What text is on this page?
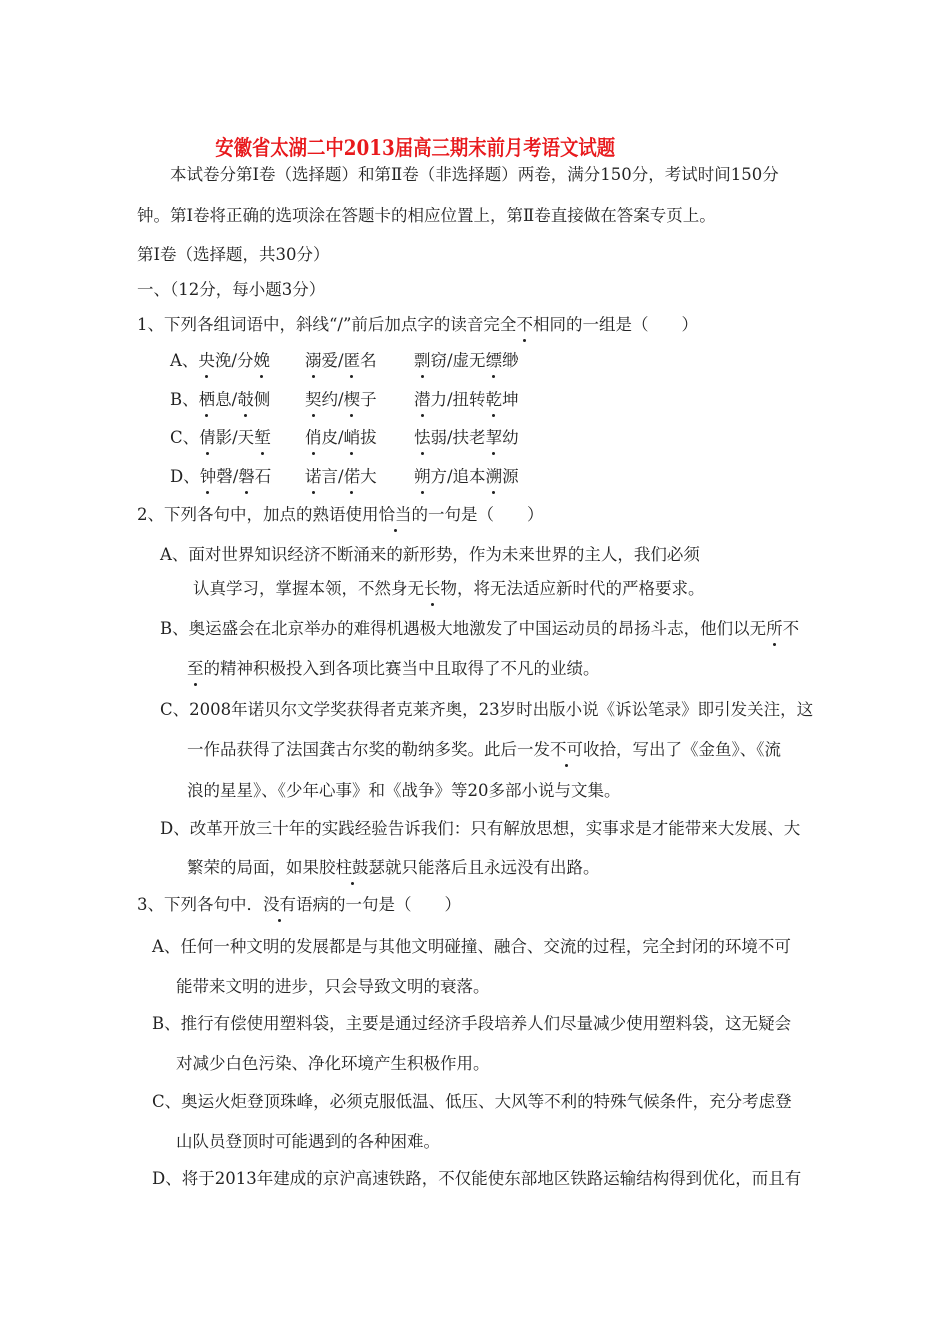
安徽省太湖二中2013届高三期末前月考语文试题
本试卷分第Ⅰ卷（选择题）和第Ⅱ卷（非选择题）两卷，满分150分，考试时间150分
钟。第Ⅰ卷将正确的选项涂在答题卡的相应位置上，第Ⅱ卷直接做在答案专页上。
第Ⅰ卷（选择题，共30分）
一、（12分，每小题3分）
1、下列各组词语中，斜线“/”前后加点字的读音完全不相同的一组是（　　）
A、央浼/分娩 溺爱/匿名 剽窃/虚无缥缈
B、栖息/攲侧 契约/楔子 潜力/扭转乾坤
C、倩影/天堑 俏皮/峭拔 怯弱/扶老挈幼
D、钟磬/磐石 诺言/偌大 朔方/追本溯源
2、下列各句中，加点的熟语使用恰当的一句是（　　）
A、面对世界知识经济不断涌来的新形势，作为未来世界的主人，我们必须
认真学习，掌握本领，不然身无长物，将无法适应新时代的严格要求。
B、奥运盛会在北京举办的难得机遇极大地激发了中国运动员的昂扬斗志，他们以无所不
至的精神积极投入到各项比赛当中且取得了不凡的业绩。
C、2008年诺贝尔文学奖获得者克莱齐奥，23岁时出版小说《诉讼笔录》即引发关注，这
一作品获得了法国龚古尔奖的勒纳多奖。此后一发不可收拾，写出了《金鱼》、《流
浪的星星》、《少年心事》和《战争》等20多部小说与文集。
D、改革开放三十年的实践经验告诉我们：只有解放思想，实事求是才能带来大发展、大
繁荣的局面，如果胶柱鼓瑟就只能落后且永远没有出路。
3、下列各句中．没有语病的一句是（　　）
A、任何一种文明的发展都是与其他文明碰撞、融合、交流的过程，完全封闭的环境不可
能带来文明的进步，只会导致文明的衰落。
B、推行有偿使用塑料袋，主要是通过经济手段培养人们尽量减少使用塑料袋，这无疑会
对减少白色污染、净化环境产生积极作用。
C、奥运火炬登顶珠峰，必须克服低温、低压、大风等不利的特殊气候条件，充分考虑登
山队员登顶时可能遇到的各种困难。
D、将于2013年建成的京沪高速铁路，不仅能使东部地区铁路运输结构得到优化，而且有
